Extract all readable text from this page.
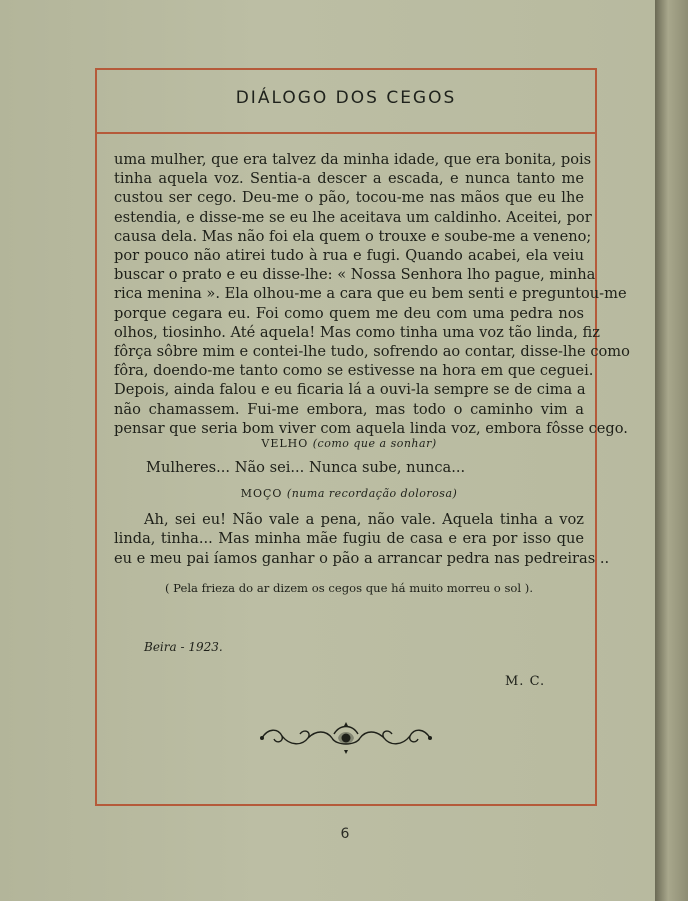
DIÁLOGO DOS CEGOS
uma mulher, que era talvez da minha idade, que era bonita, pois
tinha aquela voz. Sentia-a descer a escada, e nunca tanto me
custou ser cego. Deu-me o pão, tocou-me nas mãos que eu lhe
estendia, e disse-me se eu lhe aceitava um caldinho. Aceitei, por
causa dela. Mas não foi ela quem o trouxe e soube-me a veneno;
por pouco não atirei tudo à rua e fugi. Quando acabei, ela veiu
buscar o prato e eu disse-lhe: « Nossa Senhora lho pague, minha
rica menina ». Ela olhou-me a cara que eu bem senti e preguntou-me
porque cegara eu. Foi como quem me deu com uma pedra nos
olhos, tiosinho. Até aquela! Mas como tinha uma voz tão linda, fiz
fôrça sôbre mim e contei-lhe tudo, sofrendo ao contar, disse-lhe como
fôra, doendo-me tanto como se estivesse na hora em que ceguei.
Depois, ainda falou e eu ficaria lá a ouvi-la sempre se de cima a
não chamassem. Fui-me embora, mas todo o caminho vim a
pensar que seria bom viver com aquela linda voz, embora fôsse cego.
VELHO (como que a sonhar)
Mulheres... Não sei... Nunca sube, nunca...
MOÇO (numa recordação dolorosa)
Ah, sei eu! Não vale a pena, não vale. Aquela tinha a voz
linda, tinha... Mas minha mãe fugiu de casa e era por isso que
eu e meu pai íamos ganhar o pão a arrancar pedra nas pedreiras ..
( Pela frieza do ar dizem os cegos que há muito morreu o sol ).
Beira - 1923.
M. C.
6
